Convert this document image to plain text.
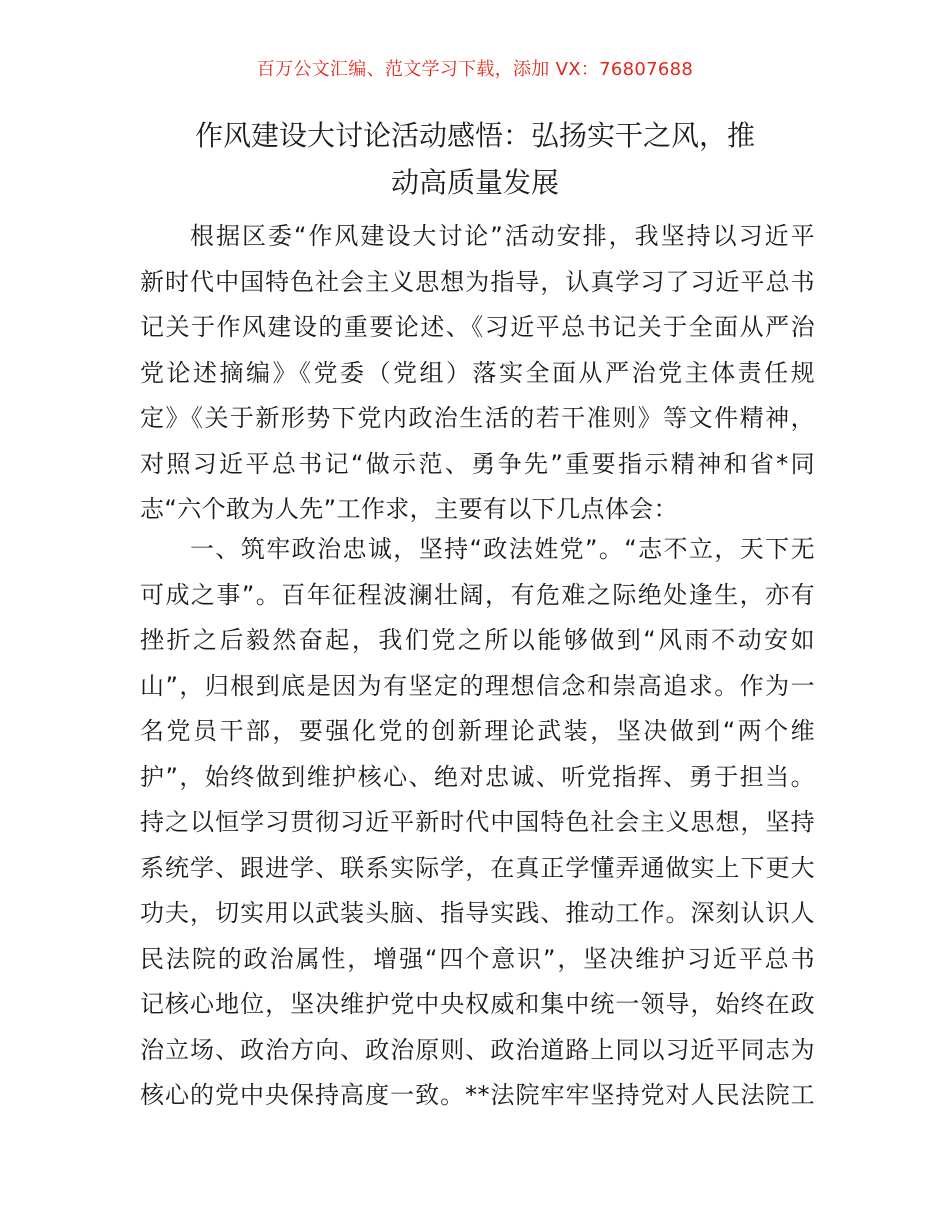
百万公文汇编、范文学习下载，添加 VX：76807688
作风建设大讨论活动感悟：弘扬实干之风，推
动高质量发展
根据区委“作风建设大讨论”活动安排，我坚持以习近平
新时代中国特色社会主义思想为指导，认真学习了习近平总书
记关于作风建设的重要论述、《习近平总书记关于全面从严治
党论述摘编》《党委（党组）落实全面从严治党主体责任规
定》《关于新形势下党内政治生活的若干准则》等文件精神，
对照习近平总书记“做示范、勇争先”重要指示精神和省*同
志“六个敢为人先”工作求，主要有以下几点体会：
一、筑牢政治忠诚，坚持“政法姓党”。“志不立，天下无
可成之事”。百年征程波澜壮阔，有危难之际绝处逢生，亦有
挫折之后毅然奋起，我们党之所以能够做到“风雨不动安如
山”，归根到底是因为有坚定的理想信念和崇高追求。作为一
名党员干部，要强化党的创新理论武装，坚决做到“两个维
护”，始终做到维护核心、绝对忠诚、听党指挥、勇于担当。
持之以恒学习贯彻习近平新时代中国特色社会主义思想，坚持
系统学、跟进学、联系实际学，在真正学懂弄通做实上下更大
功夫，切实用以武装头脑、指导实践、推动工作。深刻认识人
民法院的政治属性，增强“四个意识”，坚决维护习近平总书
记核心地位，坚决维护党中央权威和集中统一领导，始终在政
治立场、政治方向、政治原则、政治道路上同以习近平同志为
核心的党中央保持高度一致。**法院牢牢坚持党对人民法院工
